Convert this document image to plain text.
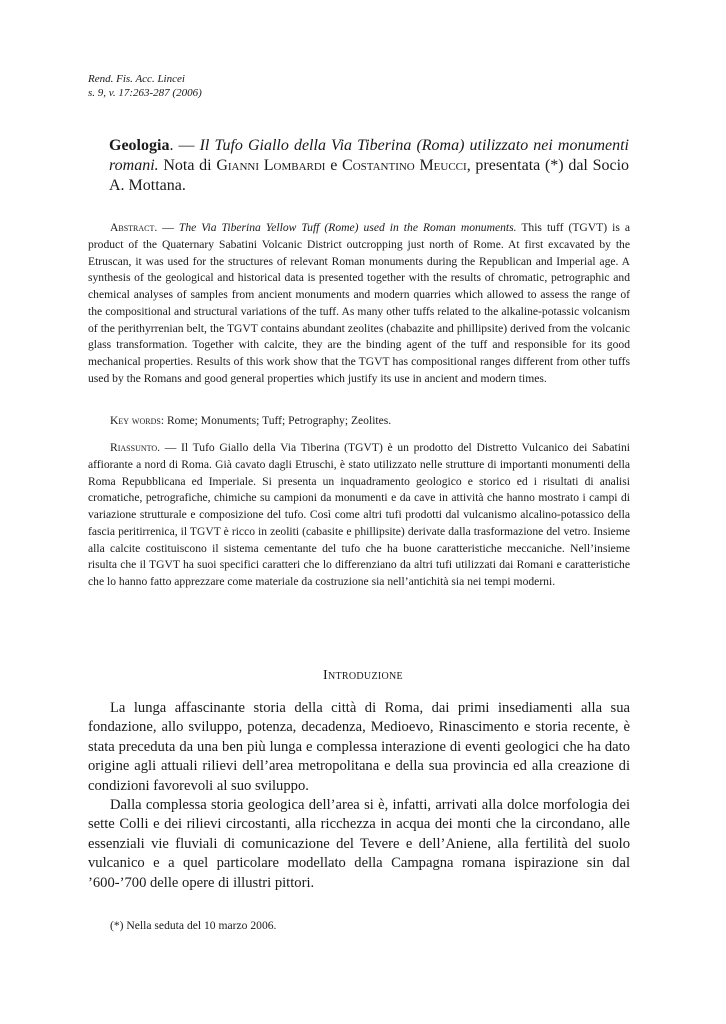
Rend. Fis. Acc. Lincei
s. 9, v. 17:263-287 (2006)
Geologia. — Il Tufo Giallo della Via Tiberina (Roma) utilizzato nei monumenti romani. Nota di Gianni Lombardi e Costantino Meucci, presentata (*) dal Socio A. Mottana.

Abstract. — The Via Tiberina Yellow Tuff (Rome) used in the Roman monuments. This tuff (TGVT) is a product of the Quaternary Sabatini Volcanic District outcropping just north of Rome. At first excavated by the Etruscan, it was used for the structures of relevant Roman monuments during the Republican and Imperial age. A synthesis of the geological and historical data is presented together with the results of chromatic, petrographic and chemical analyses of samples from ancient monuments and modern quarries which allowed to assess the range of the compositional and structural variations of the tuff. As many other tuffs related to the alkaline-potassic volcanism of the perithyrrenian belt, the TGVT contains abundant zeolites (chabazite and phillipsite) derived from the volcanic glass transformation. Together with calcite, they are the binding agent of the tuff and responsible for its good mechanical properties. Results of this work show that the TGVT has compositional ranges different from other tuffs used by the Romans and good general properties which justify its use in ancient and modern times.

Key words: Rome; Monuments; Tuff; Petrography; Zeolites.

Riassunto. — Il Tufo Giallo della Via Tiberina (TGVT) è un prodotto del Distretto Vulcanico dei Sabatini affiorante a nord di Roma. Già cavato dagli Etruschi, è stato utilizzato nelle strutture di importanti monumenti della Roma Repubblicana ed Imperiale. Si presenta un inquadramento geologico e storico ed i risultati di analisi cromatiche, petrografiche, chimiche su campioni da monumenti e da cave in attività che hanno mostrato i campi di variazione strutturale e composizione del tufo. Così come altri tufi prodotti dal vulcanismo alcalino-potassico della fascia peritirrenica, il TGVT è ricco in zeoliti (cabasite e phillipsite) derivate dalla trasformazione del vetro. Insieme alla calcite costituiscono il sistema cementante del tufo che ha buone caratteristiche meccaniche. Nell’insieme risulta che il TGVT ha suoi specifici caratteri che lo differenziano da altri tufi utilizzati dai Romani e caratteristiche che lo hanno fatto apprezzare come materiale da costruzione sia nell’antichità sia nei tempi moderni.

Introduzione

La lunga affascinante storia della città di Roma, dai primi insediamenti alla sua fondazione, allo sviluppo, potenza, decadenza, Medioevo, Rinascimento e storia recente, è stata preceduta da una ben più lunga e complessa interazione di eventi geologici che ha dato origine agli attuali rilievi dell’area metropolitana e della sua provincia ed alla creazione di condizioni favorevoli al suo sviluppo.

Dalla complessa storia geologica dell’area si è, infatti, arrivati alla dolce morfologia dei sette Colli e dei rilievi circostanti, alla ricchezza in acqua dei monti che la circondano, alle essenziali vie fluviali di comunicazione del Tevere e dell’Aniene, alla fertilità del suolo vulcanico e a quel particolare modellato della Campagna romana ispirazione sin dal ’600-’700 delle opere di illustri pittori.

(*) Nella seduta del 10 marzo 2006.
